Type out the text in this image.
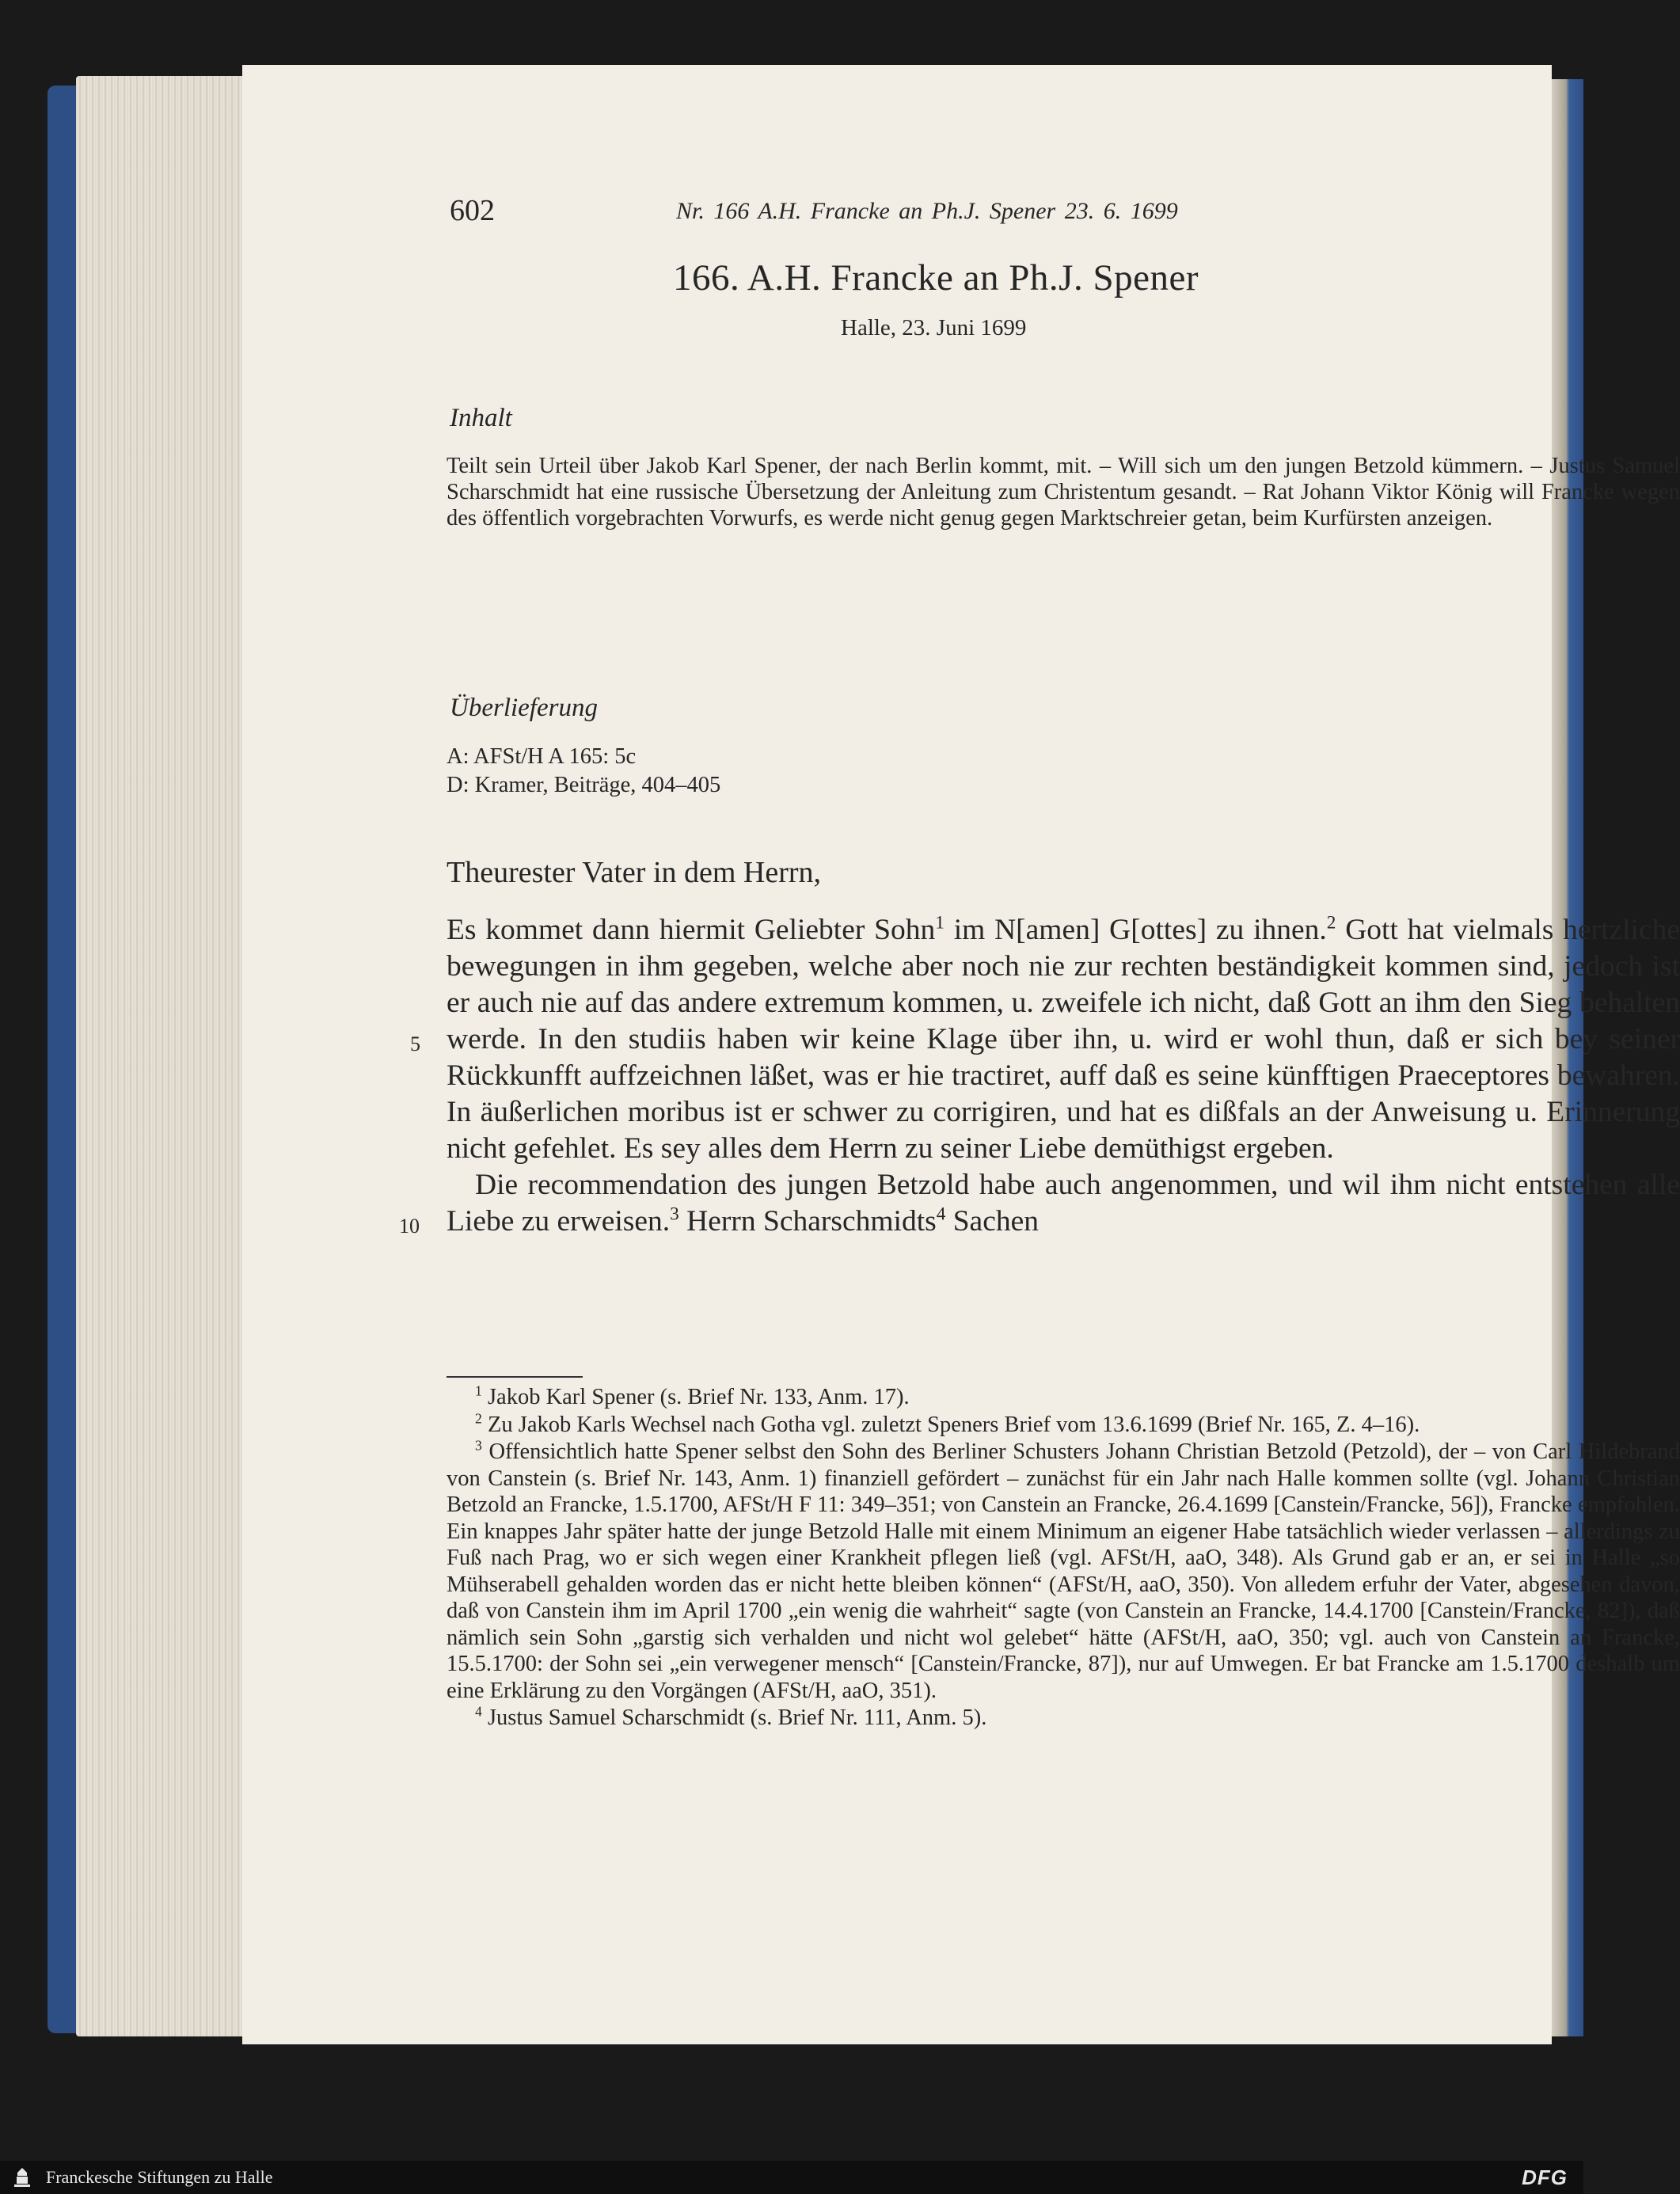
602	Nr. 166 A.H. Francke an Ph.J. Spener 23. 6. 1699
166. A.H. Francke an Ph.J. Spener
Halle, 23. Juni 1699
Inhalt
Teilt sein Urteil über Jakob Karl Spener, der nach Berlin kommt, mit. – Will sich um den jungen Betzold kümmern. – Justus Samuel Scharschmidt hat eine russische Übersetzung der Anleitung zum Christentum gesandt. – Rat Johann Viktor König will Francke wegen des öffentlich vorgebrachten Vorwurfs, es werde nicht genug gegen Marktschreier getan, beim Kurfürsten anzeigen.
Überlieferung
A: AFSt/H A 165: 5c
D: Kramer, Beiträge, 404–405
Theurester Vater in dem Herrn,

Es kommet dann hiermit Geliebter Sohn$^1$ im N[amen] G[ottes] zu ihnen.$^2$ Gott hat vielmals hertzliche bewegungen in ihm gegeben, welche aber noch nie zur rechten beständigkeit kommen sind, jedoch ist er auch nie auf das andere extremum kommen, u. zweifele ich nicht, daß Gott an ihm den Sieg behalten werde. In den studiis haben wir keine Klage über ihn, u. wird er wohl thun, daß er sich bey seiner Rückkunfft auffzeichnen läßet, was er hie tractiret, auff daß es seine künfftigen Praeceptores bewahren. In äußerlichen moribus ist er schwer zu corrigiren, und hat es dißfals an der Anweisung u. Erinnerung nicht gefehlet. Es sey alles dem Herrn zu seiner Liebe demüthigst ergeben.

Die recommendation des jungen Betzold habe auch angenommen, und wil ihm nicht entstehen alle Liebe zu erweisen.$^3$ Herrn Scharschmidts$^4$ Sachen

5
10

$^1$ Jakob Karl Spener (s. Brief Nr. 133, Anm. 17).

$^2$ Zu Jakob Karls Wechsel nach Gotha vgl. zuletzt Speners Brief vom 13.6.1699 (Brief Nr. 165, Z. 4–16).

$^3$ Offensichtlich hatte Spener selbst den Sohn des Berliner Schusters Johann Christian Betzold (Petzold), der – von Carl Hildebrand von Canstein (s. Brief Nr. 143, Anm. 1) finanziell gefördert – zunächst für ein Jahr nach Halle kommen sollte (vgl. Johann Christian Betzold an Francke, 1.5.1700, AFSt/H F 11: 349–351; von Canstein an Francke, 26.4.1699 [Canstein/Francke, 56]), Francke empfohlen. Ein knappes Jahr später hatte der junge Betzold Halle mit einem Minimum an eigener Habe tatsächlich wieder verlassen – allerdings zu Fuß nach Prag, wo er sich wegen einer Krankheit pflegen ließ (vgl. AFSt/H, aaO, 348). Als Grund gab er an, er sei in Halle „so Mühserabell gehalden worden das er nicht hette bleiben können“ (AFSt/H, aaO, 350). Von alledem erfuhr der Vater, abgesehen davon, daß von Canstein ihm im April 1700 „ein wenig die wahrheit“ sagte (von Canstein an Francke, 14.4.1700 [Canstein/Francke, 82]), daß nämlich sein Sohn „garstig sich verhalden und nicht wol gelebet“ hätte (AFSt/H, aaO, 350; vgl. auch von Canstein an Francke, 15.5.1700: der Sohn sei „ein verwegener mensch“ [Canstein/Francke, 87]), nur auf Umwegen. Er bat Francke am 1.5.1700 deshalb um eine Erklärung zu den Vorgängen (AFSt/H, aaO, 351).

$^4$ Justus Samuel Scharschmidt (s. Brief Nr. 111, Anm. 5).

Franckesche Stiftungen zu Halle	DFG
